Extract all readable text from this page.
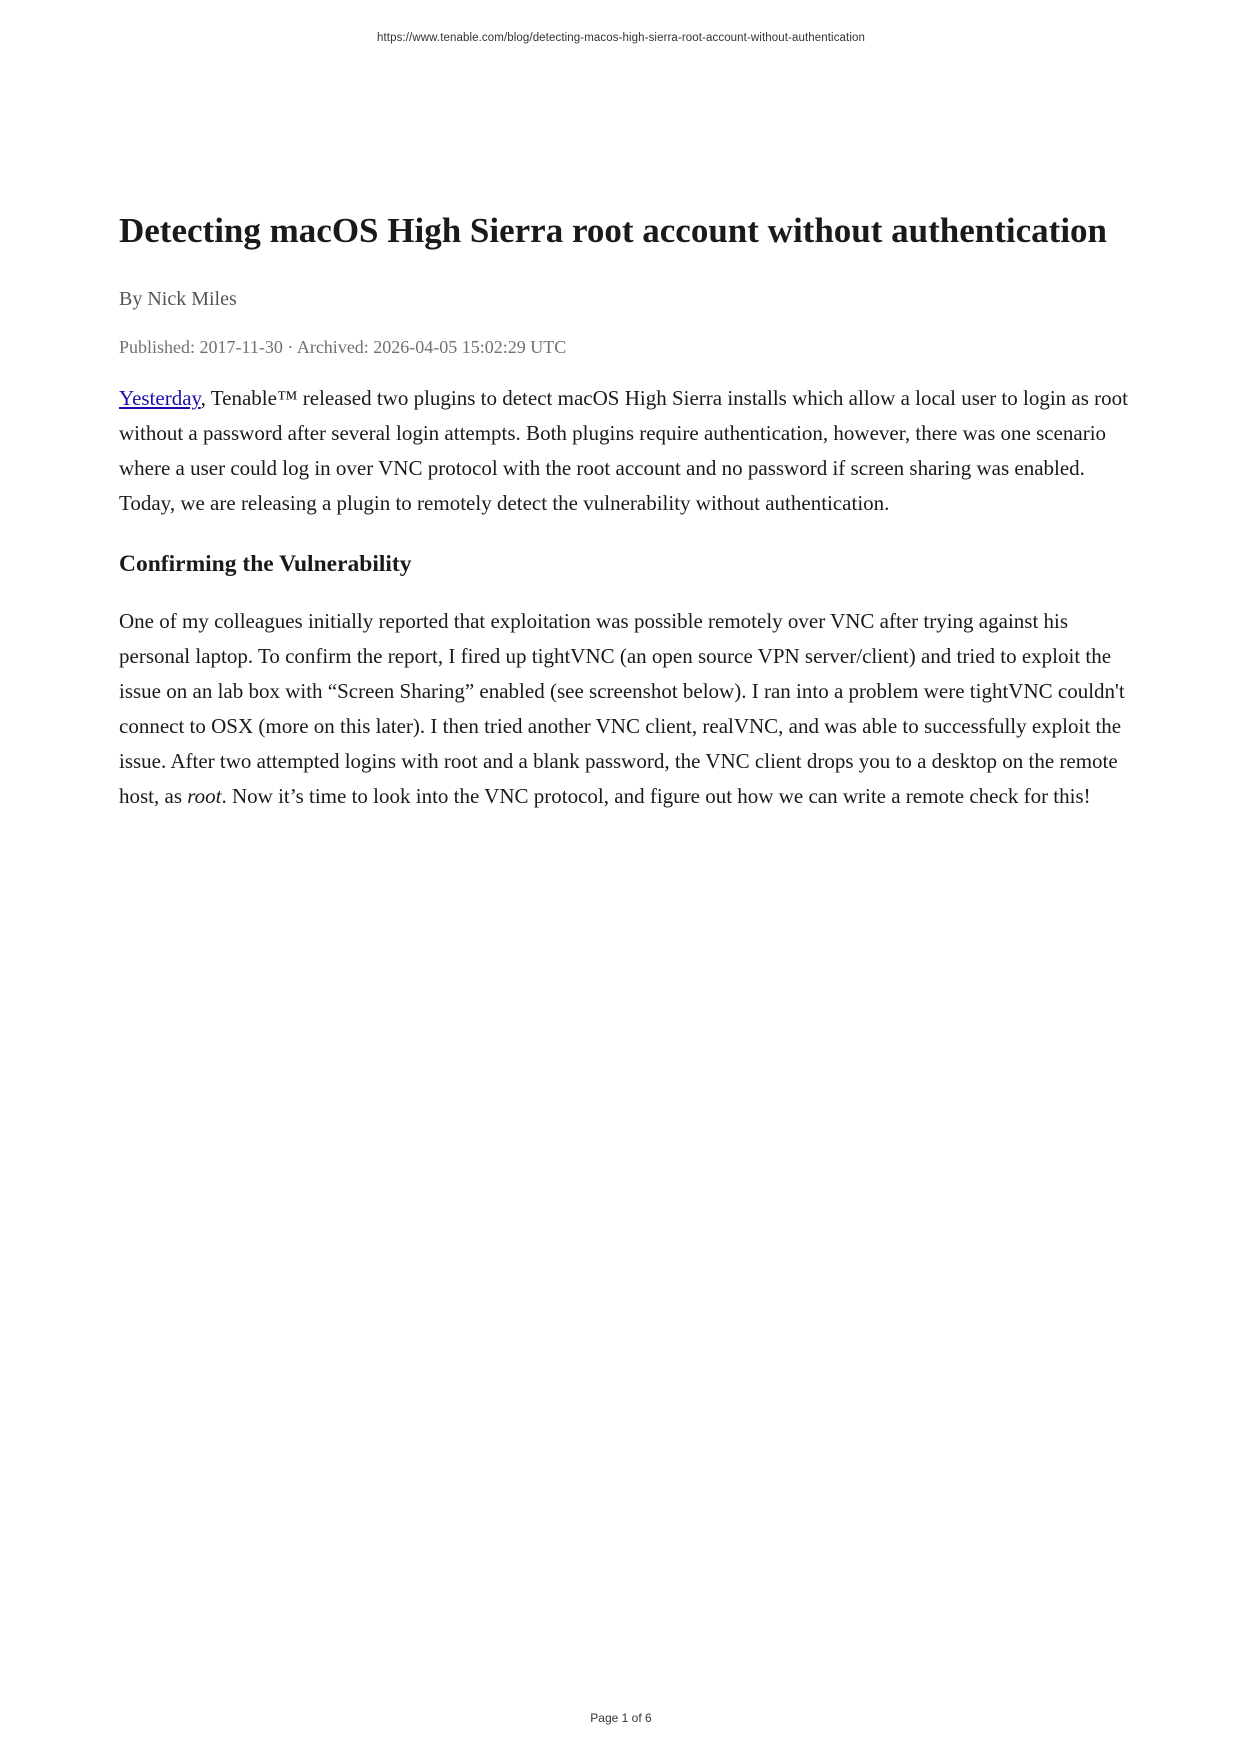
https://www.tenable.com/blog/detecting-macos-high-sierra-root-account-without-authentication
Detecting macOS High Sierra root account without authentication
By Nick Miles
Published: 2017-11-30 · Archived: 2026-04-05 15:02:29 UTC

Yesterday, Tenable™ released two plugins to detect macOS High Sierra installs which allow a local user to login as root without a password after several login attempts. Both plugins require authentication, however, there was one scenario where a user could log in over VNC protocol with the root account and no password if screen sharing was enabled. Today, we are releasing a plugin to remotely detect the vulnerability without authentication.

Confirming the Vulnerability

One of my colleagues initially reported that exploitation was possible remotely over VNC after trying against his personal laptop. To confirm the report, I fired up tightVNC (an open source VPN server/client) and tried to exploit the issue on an lab box with “Screen Sharing” enabled (see screenshot below). I ran into a problem were tightVNC couldn't connect to OSX (more on this later). I then tried another VNC client, realVNC, and was able to successfully exploit the issue. After two attempted logins with root and a blank password, the VNC client drops you to a desktop on the remote host, as root. Now it’s time to look into the VNC protocol, and figure out how we can write a remote check for this!

Page 1 of 6
